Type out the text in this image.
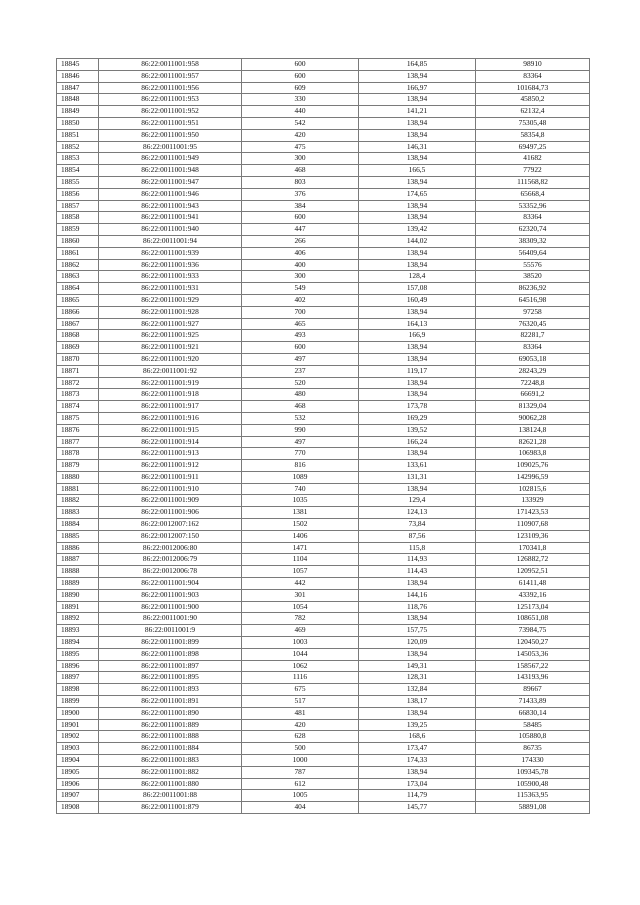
18845	86:22:0011001:958	600	164,85	98910
18846	86:22:0011001:957	600	138,94	83364
18847	86:22:0011001:956	609	166,97	101684,73
18848	86:22:0011001:953	330	138,94	45850,2
18849	86:22:0011001:952	440	141,21	62132,4
18850	86:22:0011001:951	542	138,94	75305,48
18851	86:22:0011001:950	420	138,94	58354,8
18852	86:22:0011001:95	475	146,31	69497,25
18853	86:22:0011001:949	300	138,94	41682
18854	86:22:0011001:948	468	166,5	77922
18855	86:22:0011001:947	803	138,94	111568,82
18856	86:22:0011001:946	376	174,65	65668,4
18857	86:22:0011001:943	384	138,94	53352,96
18858	86:22:0011001:941	600	138,94	83364
18859	86:22:0011001:940	447	139,42	62320,74
18860	86:22:0011001:94	266	144,02	38309,32
18861	86:22:0011001:939	406	138,94	56409,64
18862	86:22:0011001:936	400	138,94	55576
18863	86:22:0011001:933	300	128,4	38520
18864	86:22:0011001:931	549	157,08	86236,92
18865	86:22:0011001:929	402	160,49	64516,98
18866	86:22:0011001:928	700	138,94	97258
18867	86:22:0011001:927	465	164,13	76320,45
18868	86:22:0011001:925	493	166,9	82281,7
18869	86:22:0011001:921	600	138,94	83364
18870	86:22:0011001:920	497	138,94	69053,18
18871	86:22:0011001:92	237	119,17	28243,29
18872	86:22:0011001:919	520	138,94	72248,8
18873	86:22:0011001:918	480	138,94	66691,2
18874	86:22:0011001:917	468	173,78	81329,04
18875	86:22:0011001:916	532	169,29	90062,28
18876	86:22:0011001:915	990	139,52	138124,8
18877	86:22:0011001:914	497	166,24	82621,28
18878	86:22:0011001:913	770	138,94	106983,8
18879	86:22:0011001:912	816	133,61	109025,76
18880	86:22:0011001:911	1089	131,31	142996,59
18881	86:22:0011001:910	740	138,94	102815,6
18882	86:22:0011001:909	1035	129,4	133929
18883	86:22:0011001:906	1381	124,13	171423,53
18884	86:22:0012007:162	1502	73,84	110907,68
18885	86:22:0012007:150	1406	87,56	123109,36
18886	86:22:0012006:80	1471	115,8	170341,8
18887	86:22:0012006:79	1104	114,93	126882,72
18888	86:22:0012006:78	1057	114,43	120952,51
18889	86:22:0011001:904	442	138,94	61411,48
18890	86:22:0011001:903	301	144,16	43392,16
18891	86:22:0011001:900	1054	118,76	125173,04
18892	86:22:0011001:90	782	138,94	108651,08
18893	86:22:0011001:9	469	157,75	73984,75
18894	86:22:0011001:899	1003	120,09	120450,27
18895	86:22:0011001:898	1044	138,94	145053,36
18896	86:22:0011001:897	1062	149,31	158567,22
18897	86:22:0011001:895	1116	128,31	143193,96
18898	86:22:0011001:893	675	132,84	89667
18899	86:22:0011001:891	517	138,17	71433,89
18900	86:22:0011001:890	481	138,94	66830,14
18901	86:22:0011001:889	420	139,25	58485
18902	86:22:0011001:888	628	168,6	105880,8
18903	86:22:0011001:884	500	173,47	86735
18904	86:22:0011001:883	1000	174,33	174330
18905	86:22:0011001:882	787	138,94	109345,78
18906	86:22:0011001:880	612	173,04	105900,48
18907	86:22:0011001:88	1005	114,79	115363,95
18908	86:22:0011001:879	404	145,77	58891,08
